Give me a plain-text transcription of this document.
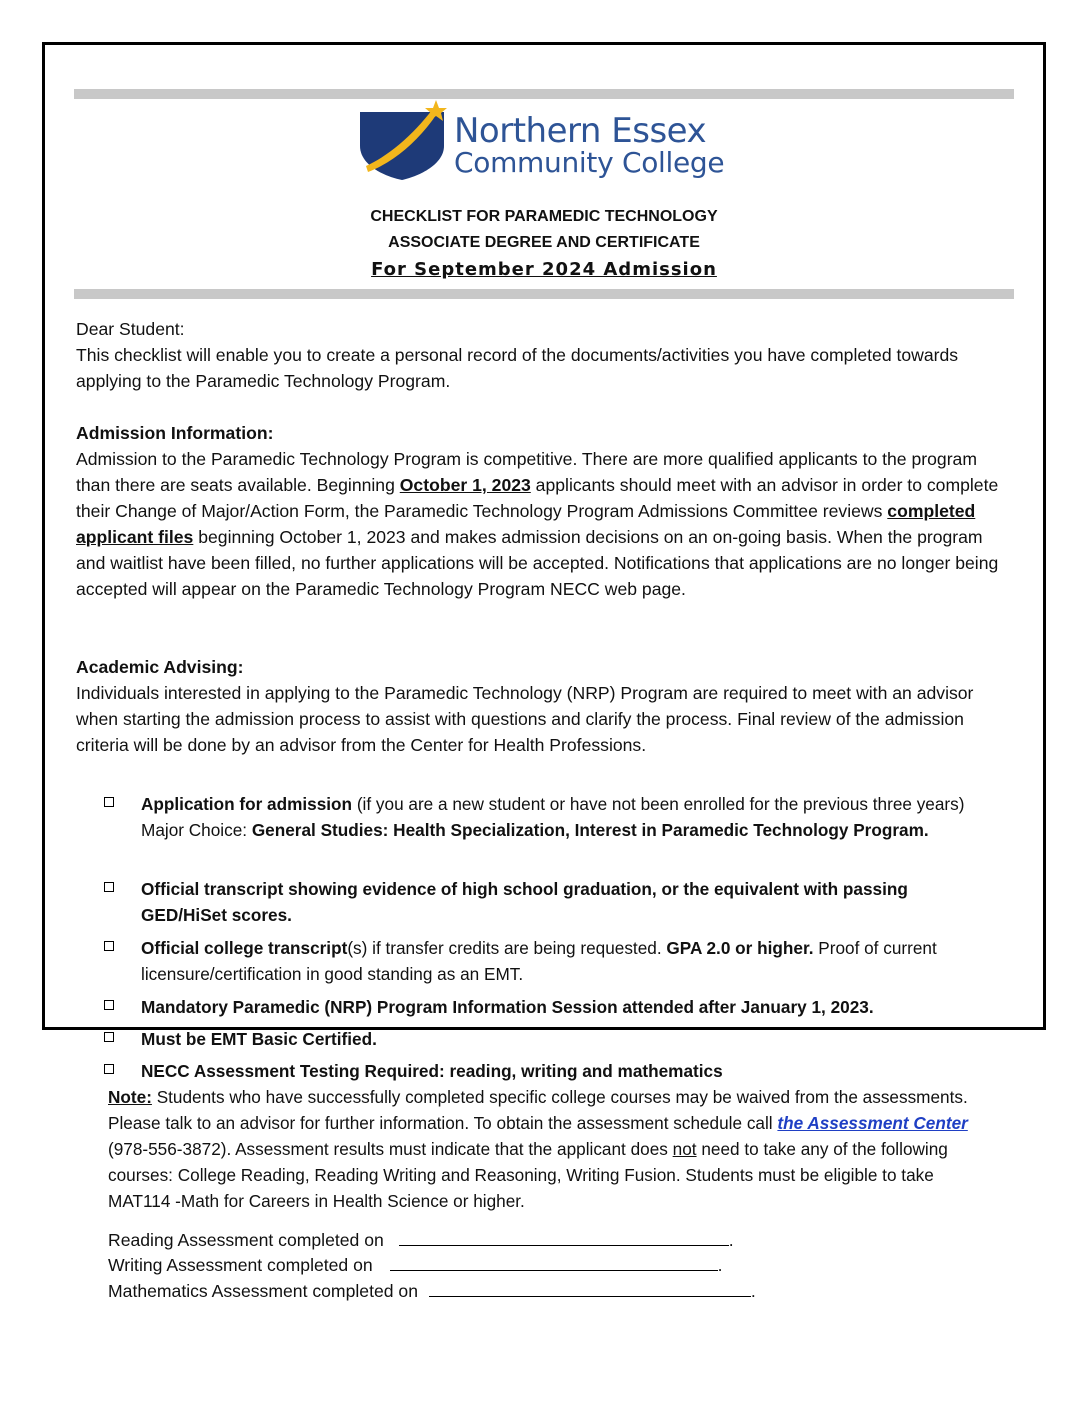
Northern Essex
Community College
CHECKLIST FOR PARAMEDIC TECHNOLOGY
ASSOCIATE DEGREE AND CERTIFICATE
For September 2024 Admission
Dear Student:
This checklist will enable you to create a personal record of the documents/activities you have completed towards applying to the Paramedic Technology Program.
Admission Information:
Admission to the Paramedic Technology Program is competitive. There are more qualified applicants to the program than there are seats available. Beginning October 1, 2023 applicants should meet with an advisor in order to complete their Change of Major/Action Form, the Paramedic Technology Program Admissions Committee reviews completed applicant files beginning October 1, 2023 and makes admission decisions on an on-going basis. When the program and waitlist have been filled, no further applications will be accepted. Notifications that applications are no longer being accepted will appear on the Paramedic Technology Program NECC web page.
Academic Advising:
Individuals interested in applying to the Paramedic Technology (NRP) Program are required to meet with an advisor when starting the admission process to assist with questions and clarify the process. Final review of the admission criteria will be done by an advisor from the Center for Health Professions.
Application for admission (if you are a new student or have not been enrolled for the previous three years) Major Choice: General Studies: Health Specialization, Interest in Paramedic Technology Program.
Official transcript showing evidence of high school graduation, or the equivalent with passing GED/HiSet scores.
Official college transcript(s) if transfer credits are being requested. GPA 2.0 or higher. Proof of current licensure/certification in good standing as an EMT.
Mandatory Paramedic (NRP) Program Information Session attended after January 1, 2023.
Must be EMT Basic Certified.
NECC Assessment Testing Required: reading, writing and mathematics
Note: Students who have successfully completed specific college courses may be waived from the assessments. Please talk to an advisor for further information. To obtain the assessment schedule call the Assessment Center (978-556-3872). Assessment results must indicate that the applicant does not need to take any of the following courses: College Reading, Reading Writing and Reasoning, Writing Fusion. Students must be eligible to take MAT114 -Math for Careers in Health Science or higher.
Reading Assessment completed on	.
Writing Assessment completed on	.
Mathematics Assessment completed on	.
